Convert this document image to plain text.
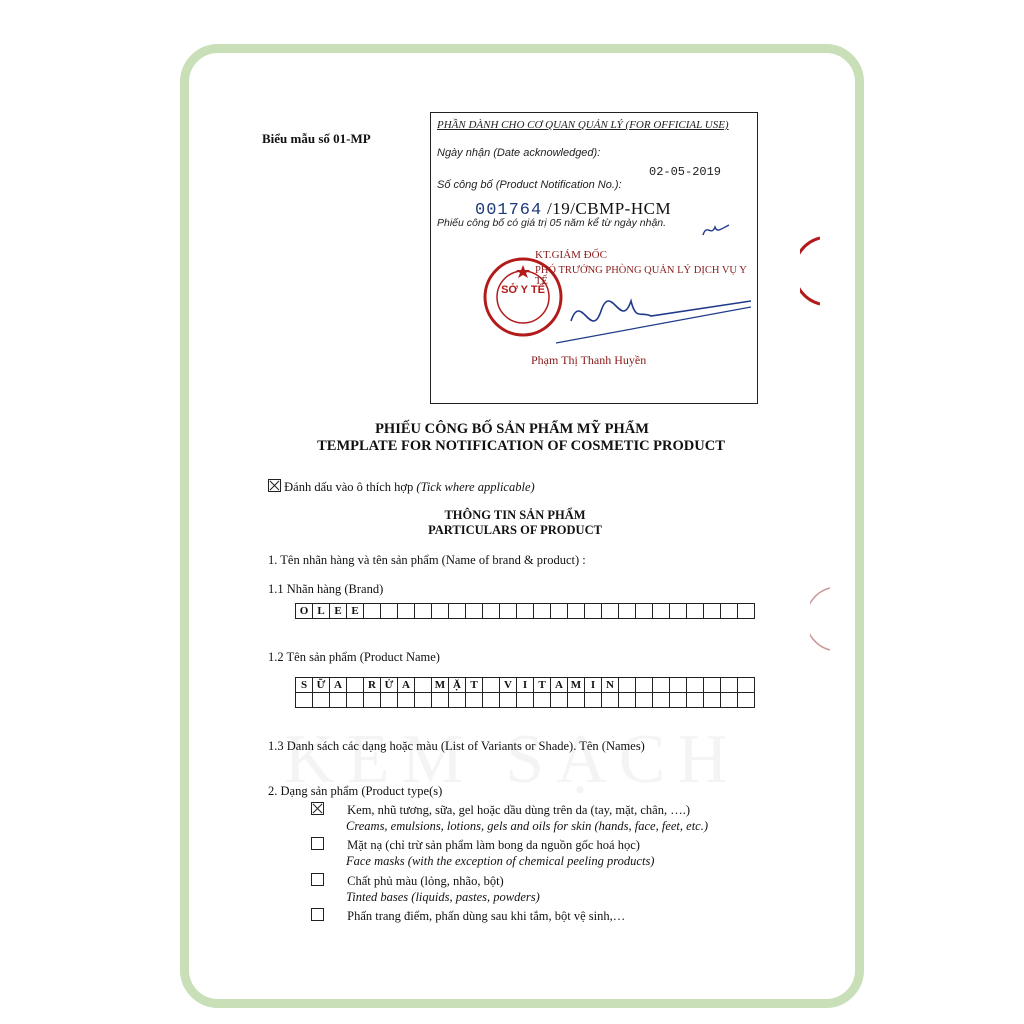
Biểu mẫu số 01-MP
PHẦN DÀNH CHO CƠ QUAN QUẢN LÝ (FOR OFFICIAL USE)
Ngày nhận (Date acknowledged):
02-05-2019
Số công bố (Product Notification No.):
001764 /19/CBMP-HCM
Phiếu công bố có giá trị 05 năm kể từ ngày nhận.
SỞ Y TẾ
KT.GIÁM ĐỐC
PHÓ TRƯỞNG PHÒNG QUẢN LÝ DỊCH VỤ Y TẾ
Phạm Thị Thanh Huyền
PHIẾU CÔNG BỐ SẢN PHẨM MỸ PHẨM
TEMPLATE FOR NOTIFICATION OF COSMETIC PRODUCT
Đánh dấu vào ô thích hợp (Tick where applicable)
THÔNG TIN SẢN PHẨM
PARTICULARS OF PRODUCT
1. Tên nhãn hàng và tên sản phẩm (Name of brand & product) :
1.1 Nhãn hàng (Brand)
O	L	E	E																							
1.2 Tên sản phẩm (Product Name)
S	Ữ	A		R	Ử	A		M	Ặ	T		V	I	T	A	M	I	N								

1.3 Danh sách các dạng hoặc màu (List of Variants or Shade). Tên (Names)
2. Dạng sản phẩm (Product type(s)
Kem, nhũ tương, sữa, gel hoặc dầu dùng trên da (tay, mặt, chân, ….)
Creams, emulsions, lotions, gels and oils for skin (hands, face, feet, etc.)
Mặt nạ (chỉ trừ sản phẩm làm bong da nguồn gốc hoá học)
Face masks (with the exception of chemical peeling products)
Chất phủ màu (lỏng, nhão, bột)
Tinted bases (liquids, pastes, powders)
Phấn trang điểm, phấn dùng sau khi tắm, bột vệ sinh,…
